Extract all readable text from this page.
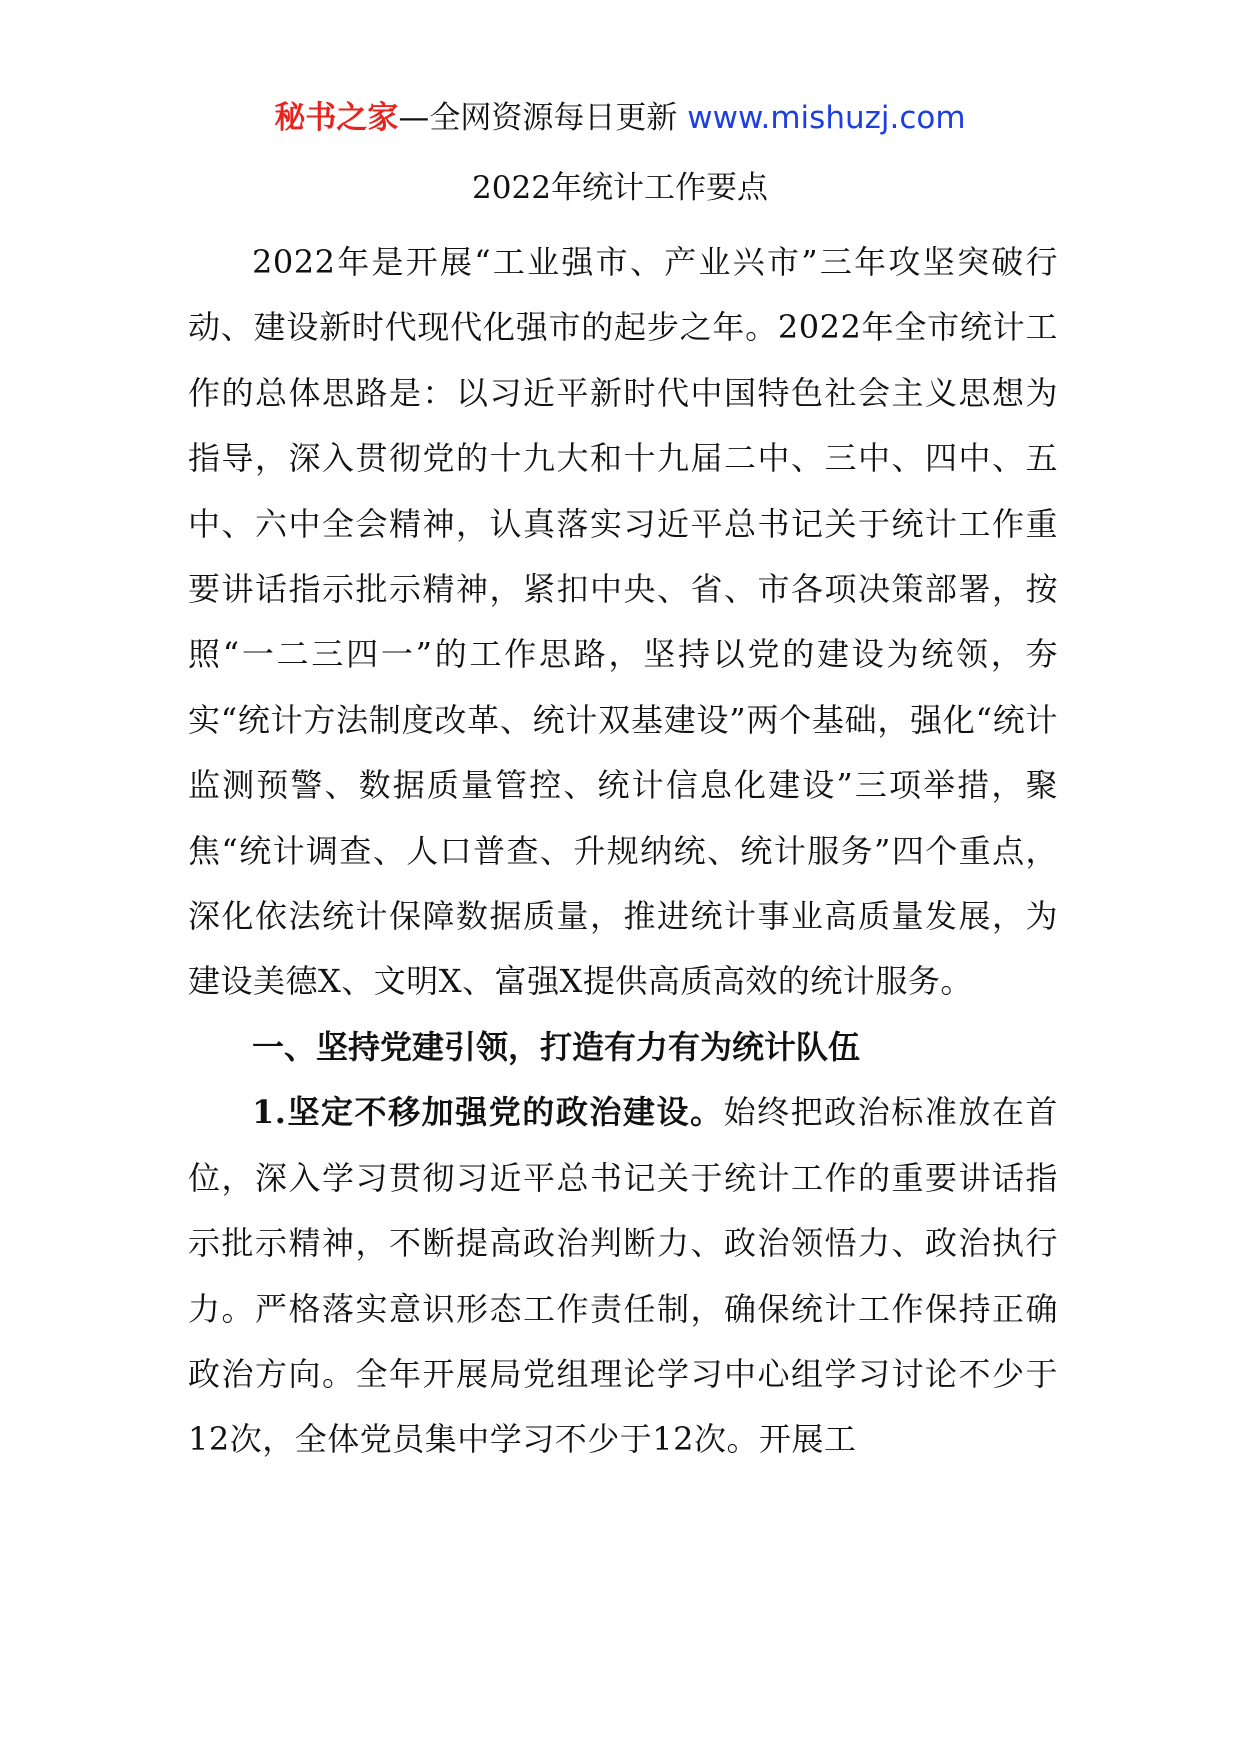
秘书之家—全网资源每日更新 www.mishuzj.com
2022年统计工作要点

2022年是开展“工业强市、产业兴市”三年攻坚突破行动、建设新时代现代化强市的起步之年。2022年全市统计工作的总体思路是：以习近平新时代中国特色社会主义思想为指导，深入贯彻党的十九大和十九届二中、三中、四中、五中、六中全会精神，认真落实习近平总书记关于统计工作重要讲话指示批示精神，紧扣中央、省、市各项决策部署，按照“一二三四一”的工作思路，坚持以党的建设为统领，夯实“统计方法制度改革、统计双基建设”两个基础，强化“统计监测预警、数据质量管控、统计信息化建设”三项举措，聚焦“统计调查、人口普查、升规纳统、统计服务”四个重点，深化依法统计保障数据质量，推进统计事业高质量发展，为建设美德X、文明X、富强X提供高质高效的统计服务。

一、坚持党建引领，打造有力有为统计队伍

1.坚定不移加强党的政治建设。始终把政治标准放在首位，深入学习贯彻习近平总书记关于统计工作的重要讲话指示批示精神，不断提高政治判断力、政治领悟力、政治执行力。严格落实意识形态工作责任制，确保统计工作保持正确政治方向。全年开展局党组理论学习中心组学习讨论不少于12次，全体党员集中学习不少于12次。开展工
